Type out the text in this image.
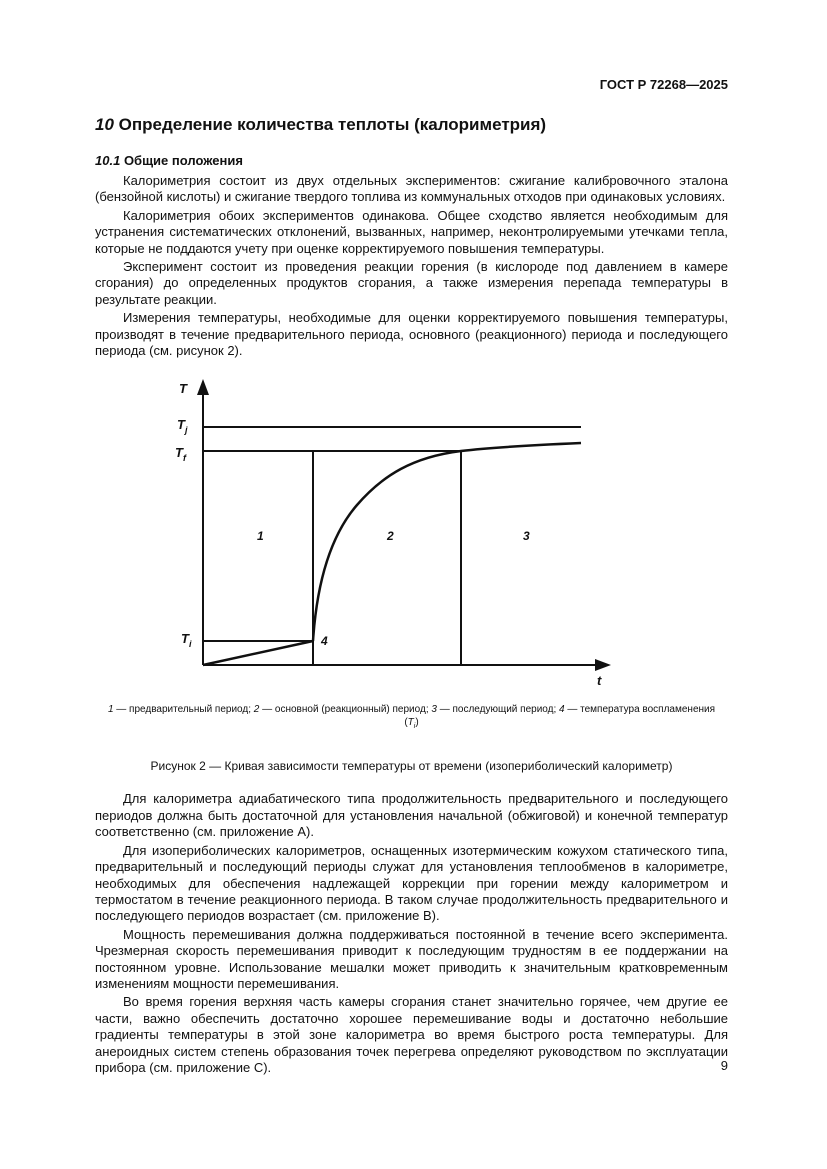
ГОСТ Р 72268—2025
10 Определение количества теплоты (калориметрия)
10.1 Общие положения

Калориметрия состоит из двух отдельных экспериментов: сжигание калибровочного эталона (бензойной кислоты) и сжигание твердого топлива из коммунальных отходов при одинаковых условиях.

Калориметрия обоих экспериментов одинакова. Общее сходство является необходимым для устранения систематических отклонений, вызванных, например, неконтролируемыми утечками тепла, которые не поддаются учету при оценке корректируемого повышения температуры.

Эксперимент состоит из проведения реакции горения (в кислороде под давлением в камере сгорания) до определенных продуктов сгорания, а также измерения перепада температуры в результате реакции.

Измерения температуры, необходимые для оценки корректируемого повышения температуры, производят в течение предварительного периода, основного (реакционного) периода и последующего периода (см. рисунок 2).

T
t
$T_j$
$T_f$
$T_i$
1	2	3
4
1 — предварительный период; 2 — основной (реакционный) период; 3 — последующий период; 4 — температура воспламенения
$(T_i)$
Рисунок 2 — Кривая зависимости температуры от времени (изопериболический калориметр)

Для калориметра адиабатического типа продолжительность предварительного и последующего периодов должна быть достаточной для установления начальной (обжиговой) и конечной температур соответственно (см. приложение А).

Для изопериболических калориметров, оснащенных изотермическим кожухом статического типа, предварительный и последующий периоды служат для установления теплообменов в калориметре, необходимых для обеспечения надлежащей коррекции при горении между калориметром и термостатом в течение реакционного периода. В таком случае продолжительность предварительного и последующего периодов возрастает (см. приложение В).

Мощность перемешивания должна поддерживаться постоянной в течение всего эксперимента. Чрезмерная скорость перемешивания приводит к последующим трудностям в ее поддержании на постоянном уровне. Использование мешалки может приводить к значительным кратковременным изменениям мощности перемешивания.

Во время горения верхняя часть камеры сгорания станет значительно горячее, чем другие ее части, важно обеспечить достаточно хорошее перемешивание воды и достаточно небольшие градиенты температуры в этой зоне калориметра во время быстрого роста температуры. Для анероидных систем степень образования точек перегрева определяют руководством по эксплуатации прибора (см. приложение С).	9
